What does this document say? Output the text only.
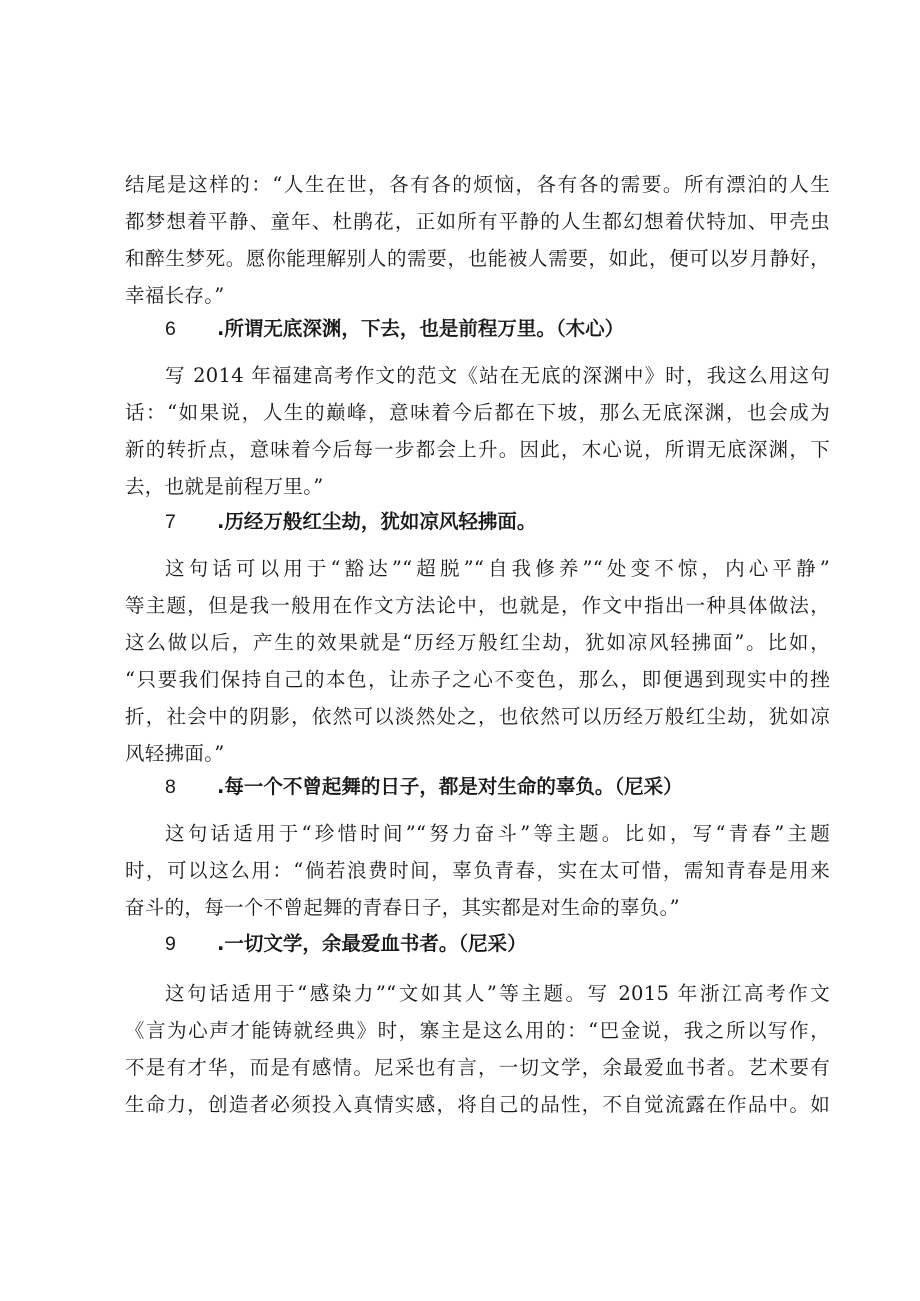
结尾是这样的：“人生在世，各有各的烦恼，各有各的需要。所有漂泊的人生
都梦想着平静、童年、杜鹃花，正如所有平静的人生都幻想着伏特加、甲壳虫
和醉生梦死。愿你能理解别人的需要，也能被人需要，如此，便可以岁月静好，
幸福长存。”
6 .所谓无底深渊，下去，也是前程万里。（木心）
写 2014 年福建高考作文的范文《站在无底的深渊中》时，我这么用这句
话：“如果说，人生的巅峰，意味着今后都在下坡，那么无底深渊，也会成为
新的转折点，意味着今后每一步都会上升。因此，木心说，所谓无底深渊，下
去，也就是前程万里。”
7 .历经万般红尘劫，犹如凉风轻拂面。
这句话可以用于“豁达”“超脱”“自我修养”“处变不惊，内心平静”
等主题，但是我一般用在作文方法论中，也就是，作文中指出一种具体做法，
这么做以后，产生的效果就是“历经万般红尘劫，犹如凉风轻拂面”。比如，
“只要我们保持自己的本色，让赤子之心不变色，那么，即便遇到现实中的挫
折，社会中的阴影，依然可以淡然处之，也依然可以历经万般红尘劫，犹如凉
风轻拂面。”
8 .每一个不曾起舞的日子，都是对生命的辜负。（尼采）
这句话适用于“珍惜时间”“努力奋斗”等主题。比如，写“青春”主题
时，可以这么用：“倘若浪费时间，辜负青春，实在太可惜，需知青春是用来
奋斗的，每一个不曾起舞的青春日子，其实都是对生命的辜负。”
9 .一切文学，余最爱血书者。（尼采）
这句话适用于“感染力”“文如其人”等主题。写 2015 年浙江高考作文
《言为心声才能铸就经典》时，寨主是这么用的：“巴金说，我之所以写作，
不是有才华，而是有感情。尼采也有言，一切文学，余最爱血书者。艺术要有
生命力，创造者必须投入真情实感，将自己的品性，不自觉流露在作品中。如
